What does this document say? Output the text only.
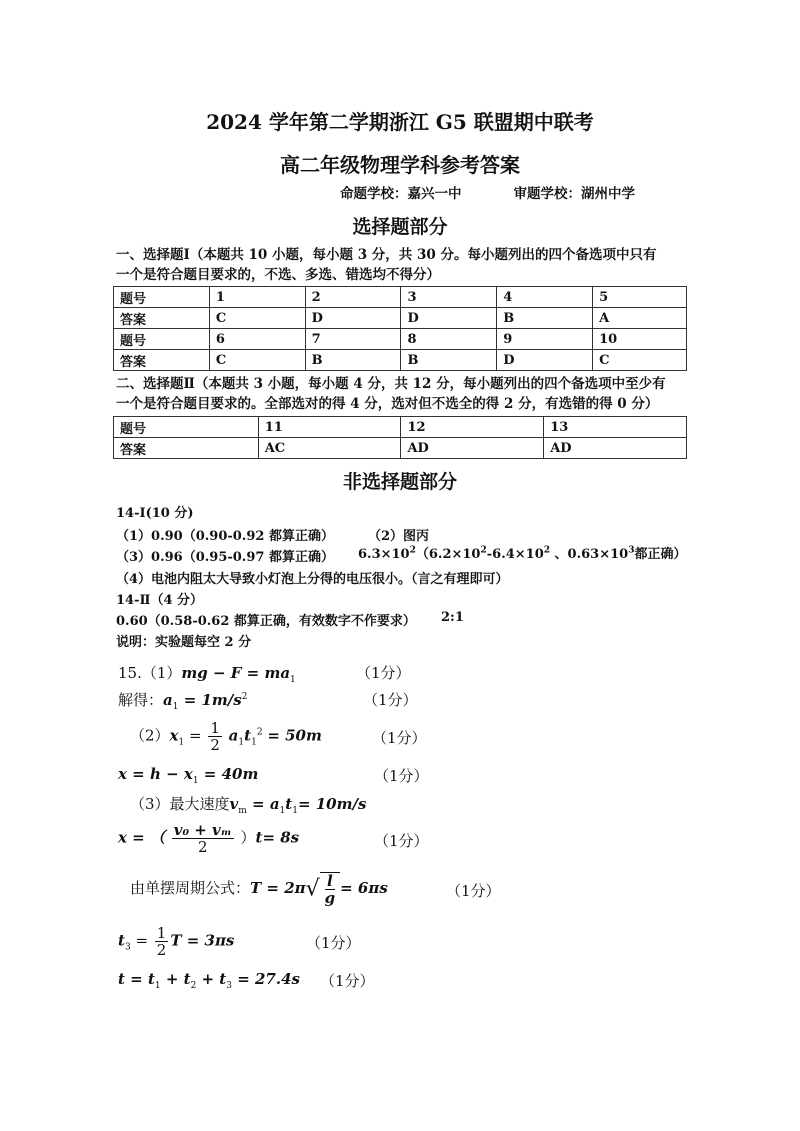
2024 学年第二学期浙江 G5 联盟期中联考
高二年级物理学科参考答案
命题学校：嘉兴一中	审题学校：湖州中学
选择题部分
一、选择题Ⅰ（本题共 10 小题，每小题 3 分，共 30 分。每小题列出的四个备选项中只有
一个是符合题目要求的，不选、多选、错选均不得分）
题号	1	2	3	4	5
答案	C	D	D	B	A
题号	6	7	8	9	10
答案	C	B	B	D	C
二、选择题Ⅱ（本题共 3 小题，每小题 4 分，共 12 分，每小题列出的四个备选项中至少有
一个是符合题目要求的。全部选对的得 4 分，选对但不选全的得 2 分，有选错的得 0 分）
题号	11	12	13
答案	AC	AD	AD
非选择题部分
14-Ⅰ(10 分)
（1）0.90（0.90-0.92 都算正确）	（2）图丙
（3）0.96（0.95-0.97 都算正确） $6.3\times 10^2(6.2\times 10^2-6.4\times 10^2$ 、$0.63\times 10^3$都正确）
（4）电池内阻太大导致小灯泡上分得的电压很小。（言之有理即可）
14-Ⅱ（4 分）
0.60（0.58-0.62 都算正确，有效数字不作要求） 2:1
说明：实验题每空 2 分
$15.(1)mg - F = ma_1$	（1分）
解得：$a_1 = 1m/s^2$	（1分）
$(2)x_1 = \frac{1}{2} a_1t_1^2 = 50m$	（1分）
$x = h - x_1 = 40m$	（1分）
（3）最大速度$v_m = a_1t_1= 10m/s$
x = （ $\frac{\text{v₀ + vₘ}}{2} )t= 8s$	（1分）
由单摆周期公式：$T = 2\pi√ \frac{l}{g} = 6\pi s$	（1分）
$t_3 = \frac{1}{2}$ T = 3πs	（1分）
$t = t_1 + t_2 + t_3 = 27.4s$ （1分）
